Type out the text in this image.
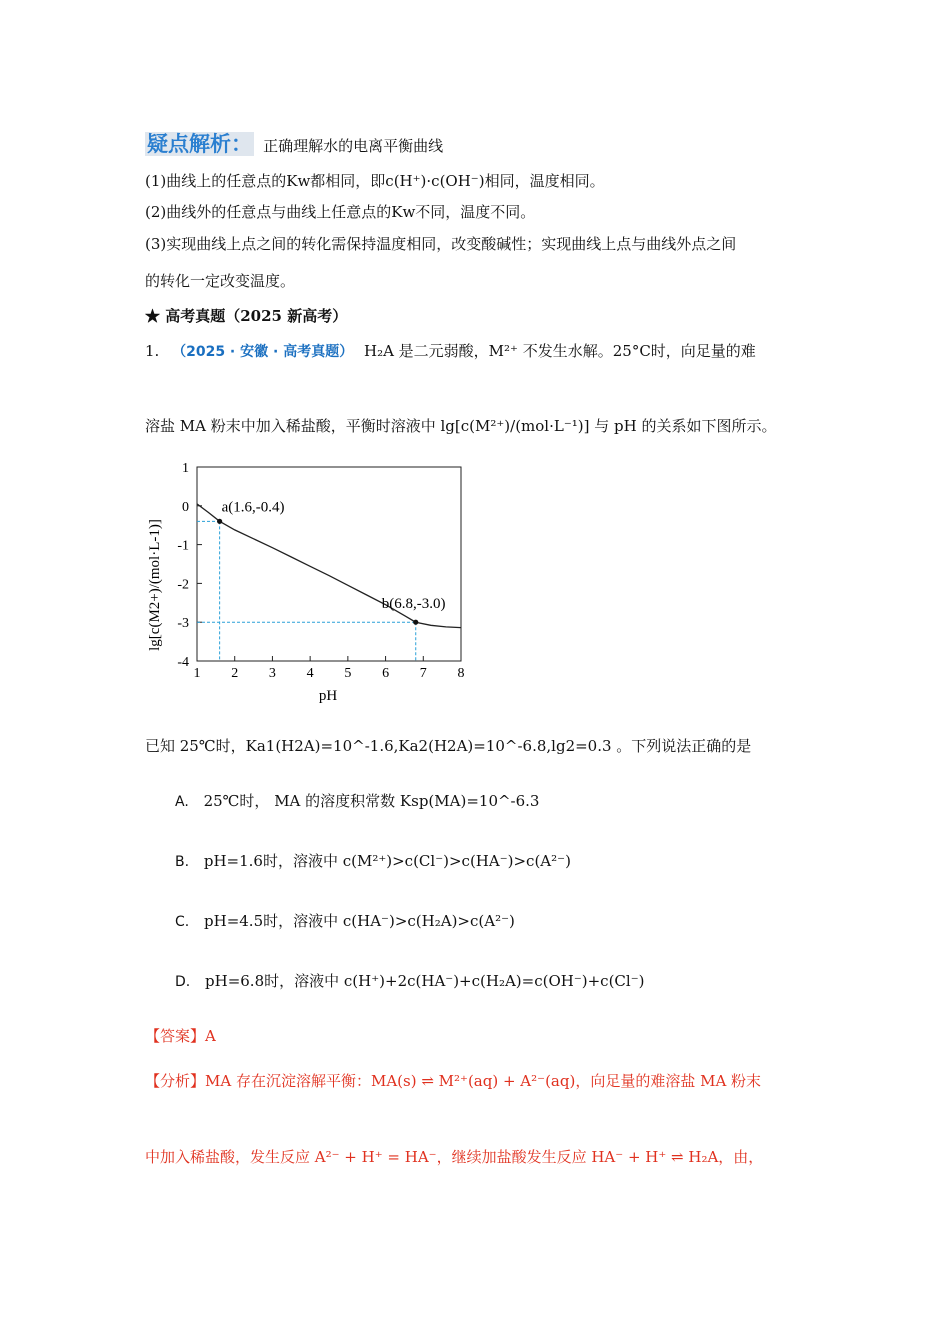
疑点解析： 正确理解水的电离平衡曲线
(1)曲线上的任意点的Kw都相同，即c(H⁺)·c(OH⁻)相同，温度相同。
(2)曲线外的任意点与曲线上任意点的Kw不同，温度不同。
(3)实现曲线上点之间的转化需保持温度相同，改变酸碱性；实现曲线上点与曲线外点之间
的转化一定改变温度。
★ 高考真题（2025 新高考）
1. （2025 · 安徽 · 高考真题） H₂A 是二元弱酸，M²⁺ 不发生水解。25°C时，向足量的难
溶盐 MA 粉末中加入稀盐酸，平衡时溶液中 lg[c(M²⁺)/(mol·L⁻¹)] 与 pH 的关系如下图所示。
1 2 3 4 5 6 7 8
1
0
-1
-2
-3
-4
a(1.6,-0.4)
b(6.8,-3.0)
lg[c(M2+)/(mol·L-1)]
pH
已知 25℃时，Ka1(H2A)=10^-1.6,Ka2(H2A)=10^-6.8,lg2=0.3 。下列说法正确的是
A. 25℃时， MA 的溶度积常数 Ksp(MA)=10^-6.3
B. pH=1.6时，溶液中 c(M²⁺)>c(Cl⁻)>c(HA⁻)>c(A²⁻)
C. pH=4.5时，溶液中 c(HA⁻)>c(H₂A)>c(A²⁻)
D. pH=6.8时，溶液中 c(H⁺)+2c(HA⁻)+c(H₂A)=c(OH⁻)+c(Cl⁻)
【答案】A
【分析】MA 存在沉淀溶解平衡：MA(s) ⇌ M²⁺(aq) + A²⁻(aq)，向足量的难溶盐 MA 粉末
中加入稀盐酸，发生反应 A²⁻ + H⁺ = HA⁻，继续加盐酸发生反应 HA⁻ + H⁺ ⇌ H₂A，由，
